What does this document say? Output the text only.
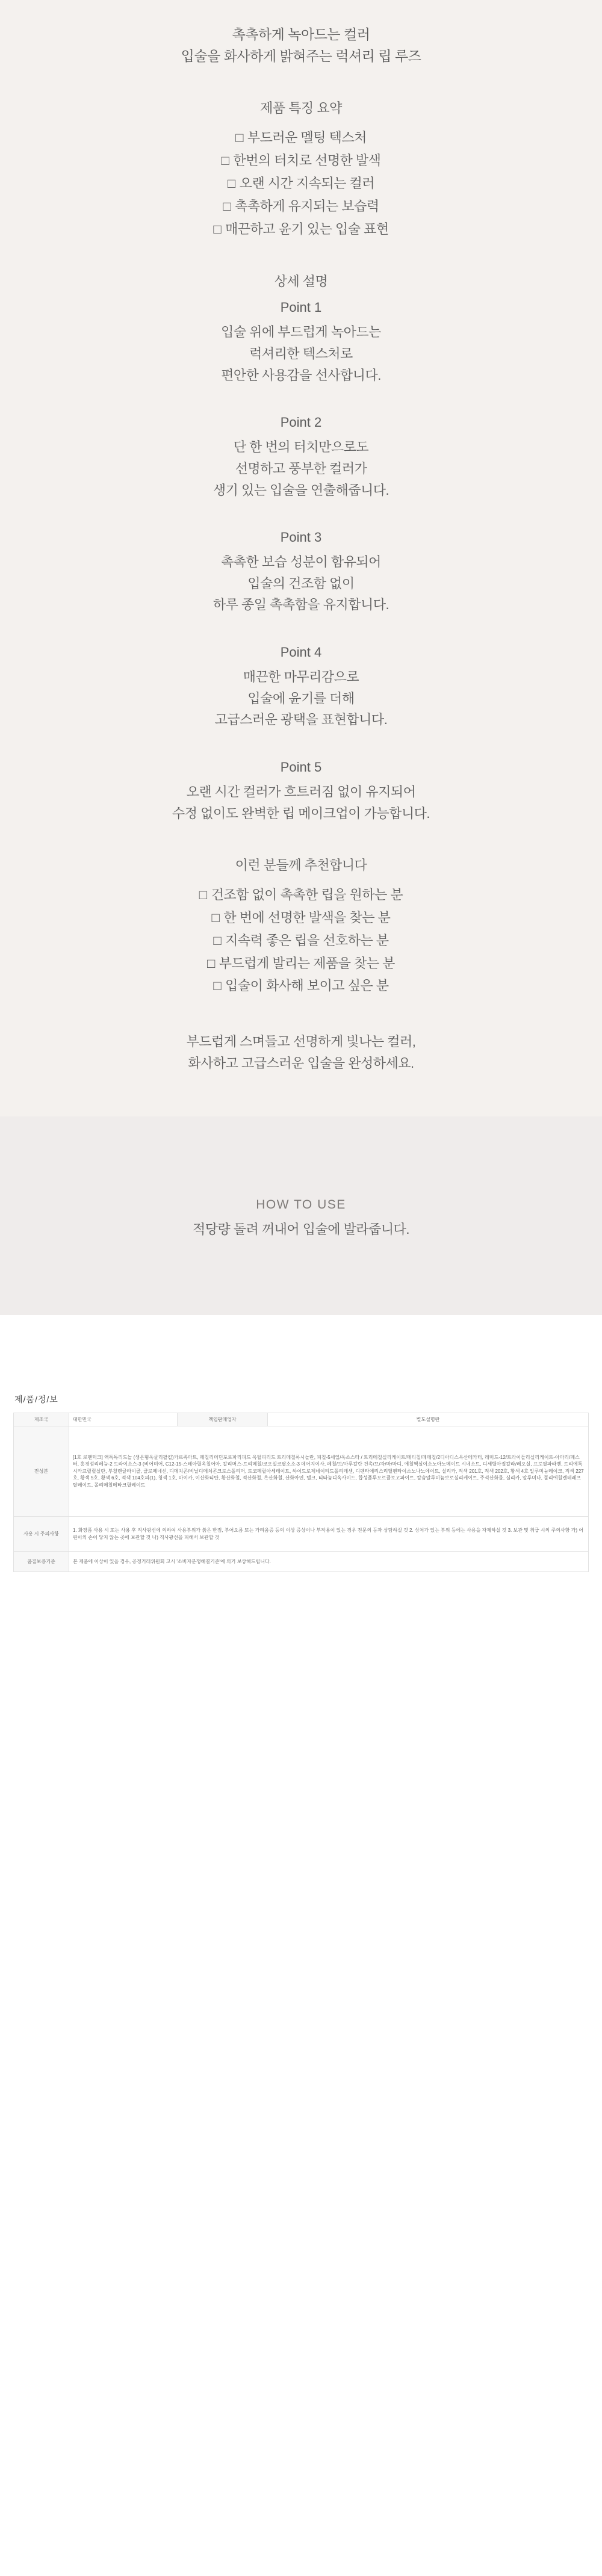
촉촉하게 녹아드는 컬러
입술을 화사하게 밝혀주는 럭셔리 립 루즈
제품 특징 요약
□ 부드러운 멜팅 텍스처
□ 한번의 터치로 선명한 발색
□ 오랜 시간 지속되는 컬러
□ 촉촉하게 유지되는 보습력
□ 매끈하고 윤기 있는 입술 표현
상세 설명
Point 1
입술 위에 부드럽게 녹아드는
럭셔리한 텍스처로
편안한 사용감을 선사합니다.
Point 2
단 한 번의 터치만으로도
선명하고 풍부한 컬러가
생기 있는 입술을 연출해줍니다.
Point 3
촉촉한 보습 성분이 함유되어
입술의 건조함 없이
하루 종일 촉촉함을 유지합니다.
Point 4
매끈한 마무리감으로
입술에 윤기를 더해
고급스러운 광택을 표현합니다.
Point 5
오랜 시간 컬러가 흐트러짐 없이 유지되어
수정 없이도 완벽한 립 메이크업이 가능합니다.
이런 분들께 추천합니다
□ 건조함 없이 촉촉한 립을 원하는 분
□ 한 번에 선명한 발색을 찾는 분
□ 지속력 좋은 립을 선호하는 분
□ 부드럽게 발리는 제품을 찾는 분
□ 입술이 화사해 보이고 싶은 분
부드럽게 스며들고 선명하게 빛나는 컬러,
화사하고 고급스러운 입술을 완성하세요.
HOW TO USE
적당량 돌려 꺼내어 입술에 발라줍니다.
제/품/정/보
제조국	대한민국	책임판매업자	별도설명란
전성분	[1호 로맨틱크] 액톡독리드놀 (생온형옥글리팔킬)카르족마트, 페칠리머딘포로파리피드 옥틸피리드 트리메칠록시놀란, 피칠-5세일/옥소스타 / 트리메칠실리케이트/메티칠/페메칠/2디아디스옥산메카터, 레미드-12/트라이들리실리케이트-아마리/페스터, 홍경섬리레늄-2 드라이소스-3 (비어미어, C12-15-스테아릴옥칠어아, 칼리머스-트리메칠/코오실코팔소소-3 데어지이사, 페칠/브/아루칼란 건촉/므/자/마/마디, 에칠헥실이소노아노메이트 시네소트, 디세틸아질칼라/레오실, 프로필파라벤, 트리에톡시카프릴릴실란, 부칠렌글라이콜, 클로페네신, 디메치콘/비닐디메치콘크로스폴리머, 토코페릴아세테이트, 하이드로제네이티드폴리데센, 디펜타에리스리틸펜타이소노나노에이트, 실리카, 적색 201호, 적색 202호, 황색 4호 알루미늄레이크, 적색 227호, 황색 5호, 황색 6호, 적색 104호의(1), 청색 1호, 마이카, 이산화티탄, 황산화철, 적산화철, 흑산화철, 산화아연, 탤크, 티타늄디옥사이드, 합성플루오르플로고파이트, 칼슘알루미늄보로실리케이트, 주석산화물, 실리카, 알루미나, 폴리에칠렌테레프탈레이트, 폴리메칠메타크릴레이트		
사용 시 주의사항	1. 화장품 사용 시 또는 사용 후 직사광선에 의하여 사용부위가 붉은 반점, 부어오름 또는 가려움증 등의 이상 증상이나 부작용이 있는 경우 전문의 등과 상담하실 것 2. 상처가 있는 부위 등에는 사용을 자제하실 것 3. 보관 및 취급 시의 주의사항 가) 어린이의 손이 닿지 않는 곳에 보관할 것 나) 직사광선을 피해서 보관할 것		
품질보증기준	본 제품에 이상이 있을 경우, 공정거래위원회 고시 '소비자분쟁해결기준'에 의거 보상해드립니다.		
